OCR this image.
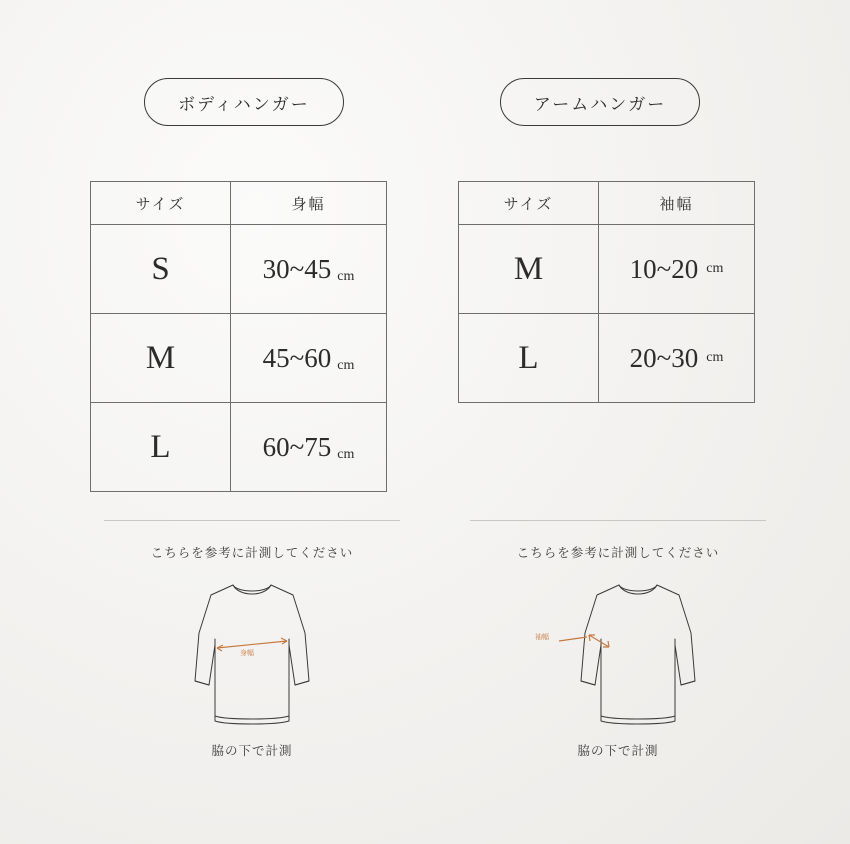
ボディハンガー	アームハンガー
サイズ	身幅
S	30~45 cm
M	45~60 cm
L	60~75 cm
サイズ	袖幅
M	10~20 $^{cm}$
L	20~30 $^{cm}$
こちらを参考に計測してください
身幅
脇の下で計測
こちらを参考に計測してください
袖幅
脇の下で計測
